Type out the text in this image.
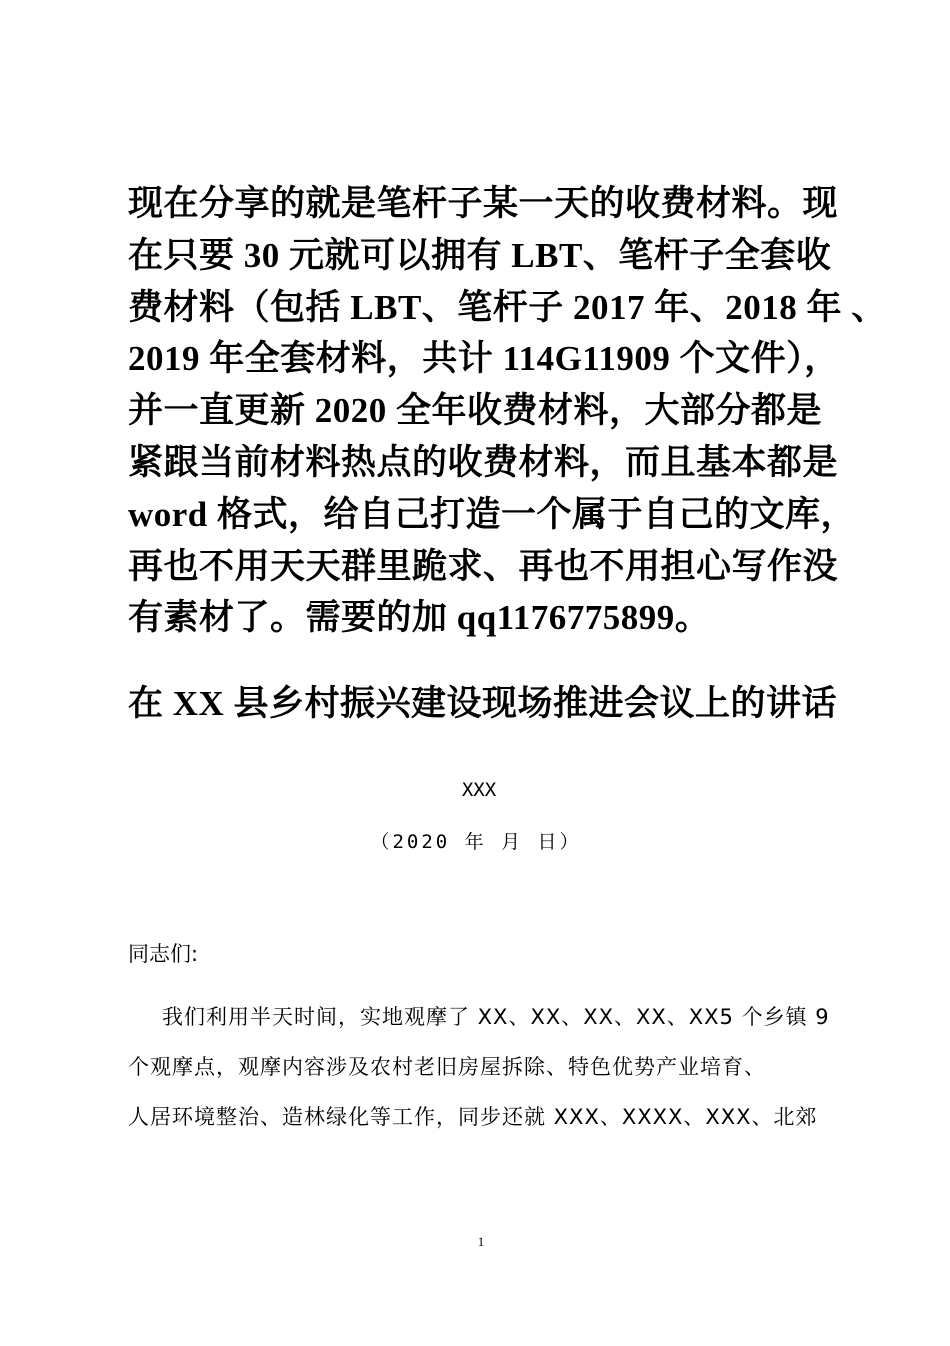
现在分享的就是笔杆子某一天的收费材料。现
在只要 30 元就可以拥有 LBT、笔杆子全套收
费材料（包括 LBT、笔杆子 2017 年、2018 年 、
2019 年全套材料，共计 114G11909 个文件），
并一直更新 2020 全年收费材料，大部分都是
紧跟当前材料热点的收费材料，而且基本都是
word 格式，给自己打造一个属于自己的文库，
再也不用天天群里跪求、再也不用担心写作没
有素材了。需要的加 qq1176775899。
在 XX 县乡村振兴建设现场推进会议上的讲话
XXX
（2020 年 月 日）
同志们:
我们利用半天时间，实地观摩了 XX、XX、XX、XX、XX5 个乡镇 9
个观摩点，观摩内容涉及农村老旧房屋拆除、特色优势产业培育、
人居环境整治、造林绿化等工作，同步还就 XXX、XXXX、XXX、北郊
1
